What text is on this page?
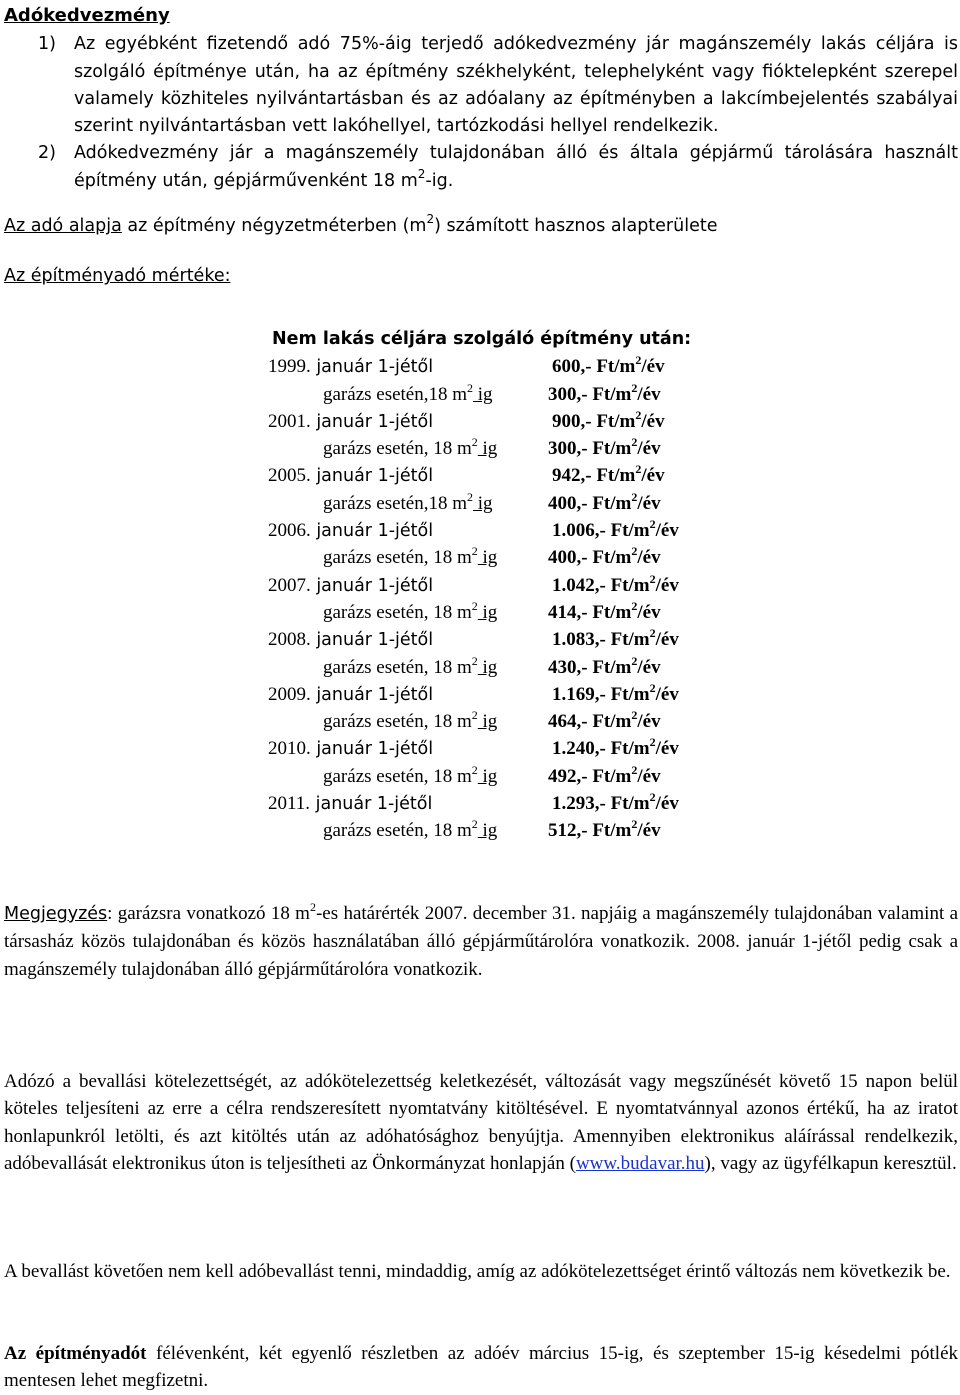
Adókedvezmény
1)	Az egyébként fizetendő adó 75%-áig terjedő adókedvezmény jár magánszemély lakás céljára is szolgáló építménye után, ha az építmény székhelyként, telephelyként vagy fióktelepként szerepel valamely közhiteles nyilvántartásban és az adóalany az építményben a lakcímbejelentés szabályai szerint nyilvántartásban vett lakóhellyel, tartózkodási hellyel rendelkezik.
2)	Adókedvezmény jár a magánszemély tulajdonában álló és általa gépjármű tárolására használt építmény után, gépjárművenként 18 $m^2-ig$.
Az adó alapja az építmény négyzetméterben $(m^2)$ számított hasznos alapterülete
Az építményadó mértéke:
Nem lakás céljára szolgáló építmény után:
1999. január 1-jétől	600,- $Ft/m^2/év$
garázs esetén,18 $m^2$ ig	300,- $Ft/m^2/év$
2001. január 1-jétől	900,- $Ft/m^2/év$
garázs esetén, 18 $m^2$ ig	300,- $Ft/m^2/év$
2005. január 1-jétől	942,- $Ft/m^2/év$
garázs esetén,18 $m^2$ ig	400,- $Ft/m^2/év$
2006. január 1-jétől	1.006,- $Ft/m^2/év$
garázs esetén, 18 $m^2$ ig	400,- $Ft/m^2/év$
2007. január 1-jétől	1.042,- $Ft/m^2/év$
garázs esetén, 18 $m^2$ ig	414,- $Ft/m^2/év$
2008. január 1-jétől	1.083,- $Ft/m^2/év$
garázs esetén, 18 $m^2$ ig	430,- $Ft/m^2/év$
2009. január 1-jétől	1.169,- $Ft/m^2/év$
garázs esetén, 18 $m^2$ ig	464,- $Ft/m^2/év$
2010. január 1-jétől	1.240,- $Ft/m^2/év$
garázs esetén, 18 $m^2$ ig	492,- $Ft/m^2/év$
2011. január 1-jétől	1.293,- $Ft/m^2/év$
garázs esetén, 18 $m^2$ ig	512,- $Ft/m^2/év$
Megjegyzés: garázsra vonatkozó 18 $m^2-es$ határérték 2007. december 31. napjáig a magánszemély tulajdonában valamint a társasház közös tulajdonában és közös használatában álló gépjárműtárolóra vonatkozik. 2008. január 1-jétől pedig csak a magánszemély tulajdonában álló gépjárműtárolóra vonatkozik.
Adózó a bevallási kötelezettségét, az adókötelezettség keletkezését, változását vagy megszűnését követő 15 napon belül köteles teljesíteni az erre a célra rendszeresített nyomtatvány kitöltésével. E nyomtatvánnyal azonos értékű, ha az iratot honlapunkról letölti, és azt kitöltés után az adóhatósághoz benyújtja. Amennyiben elektronikus aláírással rendelkezik, adóbevallását elektronikus úton is teljesítheti az Önkormányzat honlapján (www.budavar.hu), vagy az ügyfélkapun keresztül.
A bevallást követően nem kell adóbevallást tenni, mindaddig, amíg az adókötelezettséget érintő változás nem következik be.
Az építményadót félévenként, két egyenlő részletben az adóév március 15-ig, és szeptember 15-ig késedelmi pótlék mentesen lehet megfizetni.
